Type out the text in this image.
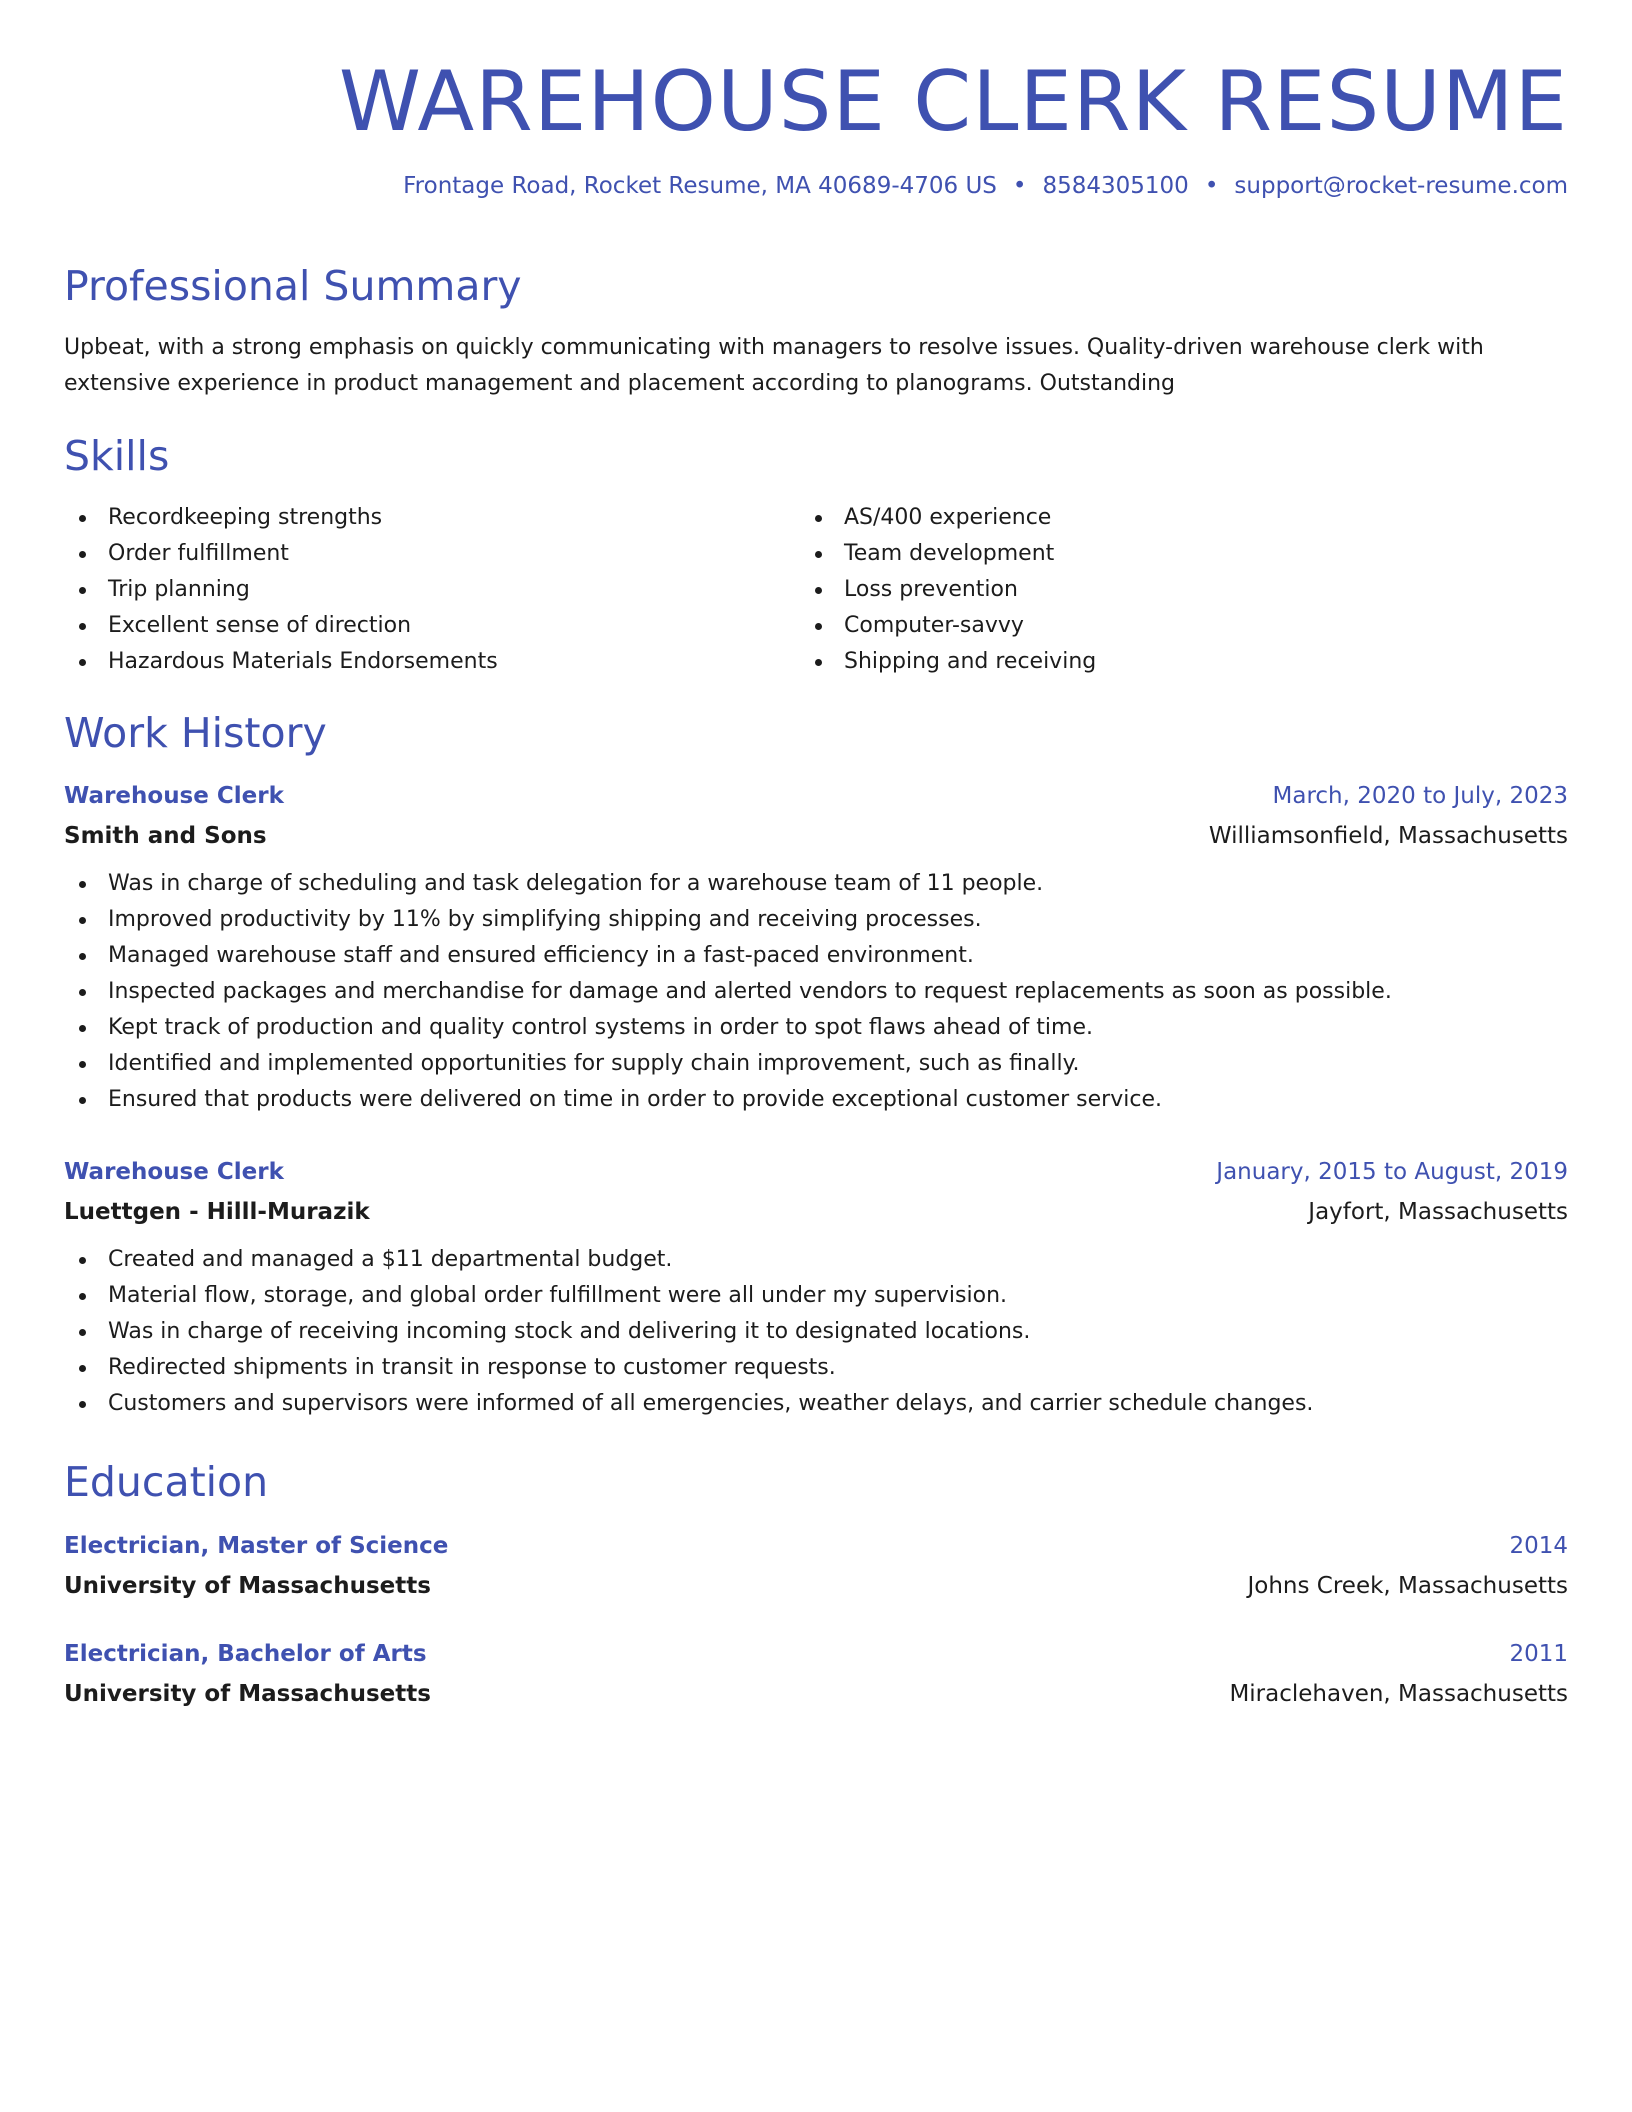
WAREHOUSE CLERK RESUME
Frontage Road, Rocket Resume, MA 40689-4706 US • 8584305100 • support@rocket-resume.com
Professional Summary

Upbeat, with a strong emphasis on quickly communicating with managers to resolve issues. Quality-driven warehouse clerk with extensive experience in product management and placement according to planograms. Outstanding

Skills
Recordkeeping strengths
Order fulfillment
Trip planning
Excellent sense of direction
Hazardous Materials Endorsements
AS/400 experience
Team development
Loss prevention
Computer-savvy
Shipping and receiving
Work History
Warehouse Clerk	March, 2020 to July, 2023
Smith and Sons	Williamsonfield, Massachusetts
Was in charge of scheduling and task delegation for a warehouse team of 11 people.
Improved productivity by 11% by simplifying shipping and receiving processes.
Managed warehouse staff and ensured efficiency in a fast-paced environment.
Inspected packages and merchandise for damage and alerted vendors to request replacements as soon as possible.
Kept track of production and quality control systems in order to spot flaws ahead of time.
Identified and implemented opportunities for supply chain improvement, such as finally.
Ensured that products were delivered on time in order to provide exceptional customer service.
Warehouse Clerk	January, 2015 to August, 2019
Luettgen - Hilll-Murazik	Jayfort, Massachusetts
Created and managed a $11 departmental budget.
Material flow, storage, and global order fulfillment were all under my supervision.
Was in charge of receiving incoming stock and delivering it to designated locations.
Redirected shipments in transit in response to customer requests.
Customers and supervisors were informed of all emergencies, weather delays, and carrier schedule changes.
Education
Electrician, Master of Science	2014
University of Massachusetts	Johns Creek, Massachusetts
Electrician, Bachelor of Arts	2011
University of Massachusetts	Miraclehaven, Massachusetts
